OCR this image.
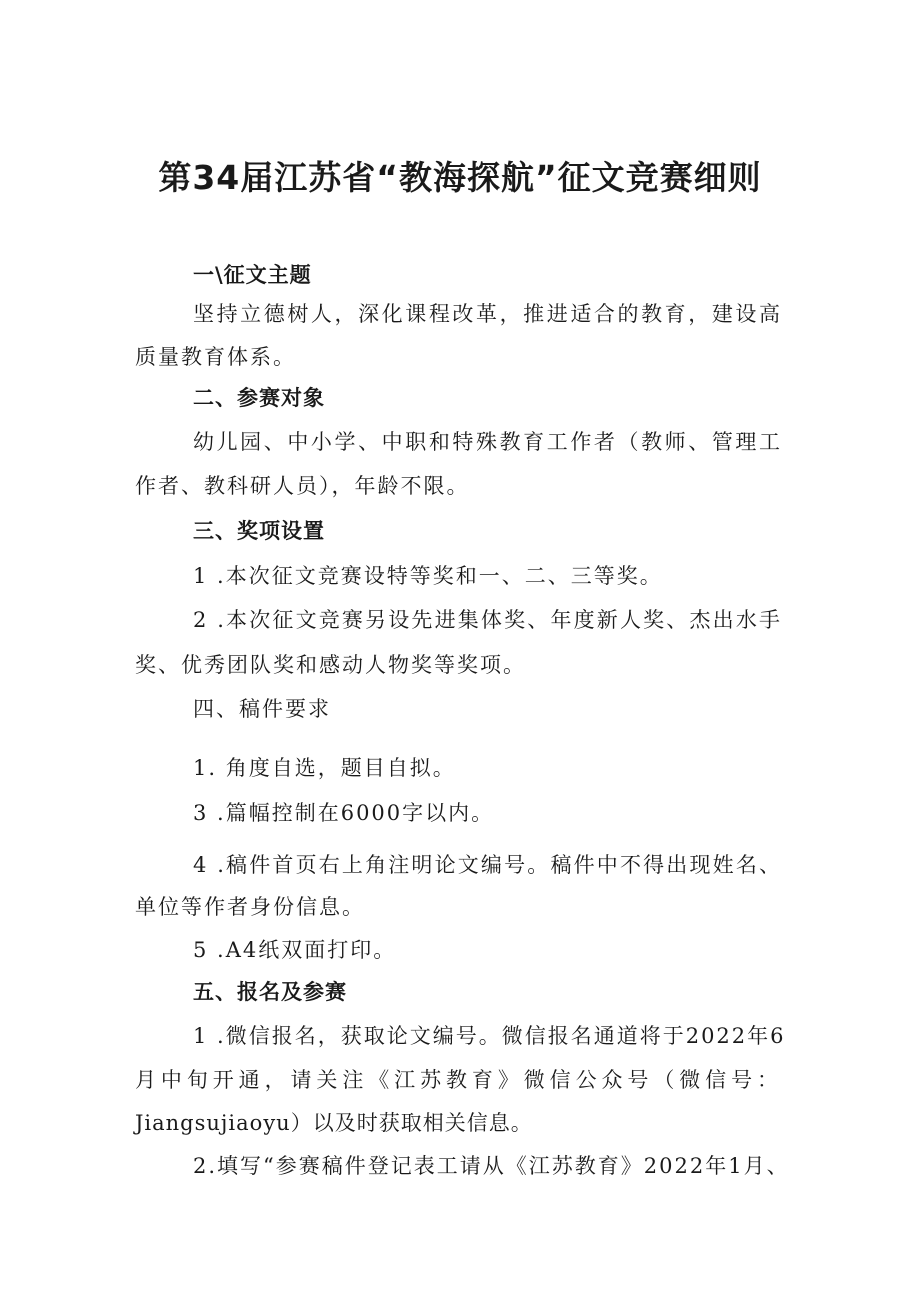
第34届江苏省“教海探航”征文竞赛细则
一\征文主题
坚持立德树人，深化课程改革，推进适合的教育，建设高
质量教育体系。
二、参赛对象
幼儿园、中小学、中职和特殊教育工作者（教师、管理工
作者、教科研人员），年龄不限。
三、奖项设置
1 .本次征文竞赛设特等奖和一、二、三等奖。
2 .本次征文竞赛另设先进集体奖、年度新人奖、杰出水手
奖、优秀团队奖和感动人物奖等奖项。
四、稿件要求
1. 角度自选，题目自拟。
3 .篇幅控制在6000字以内。
4 .稿件首页右上角注明论文编号。稿件中不得出现姓名、
单位等作者身份信息。
5 .A4纸双面打印。
五、报名及参赛
1 .微信报名，获取论文编号。微信报名通道将于2022年6
月中旬开通，请关注《江苏教育》微信公众号（微信号：
Jiangsujiaoyu）以及时获取相关信息。
2.填写“参赛稿件登记表工请从《江苏教育》2022年1月、
